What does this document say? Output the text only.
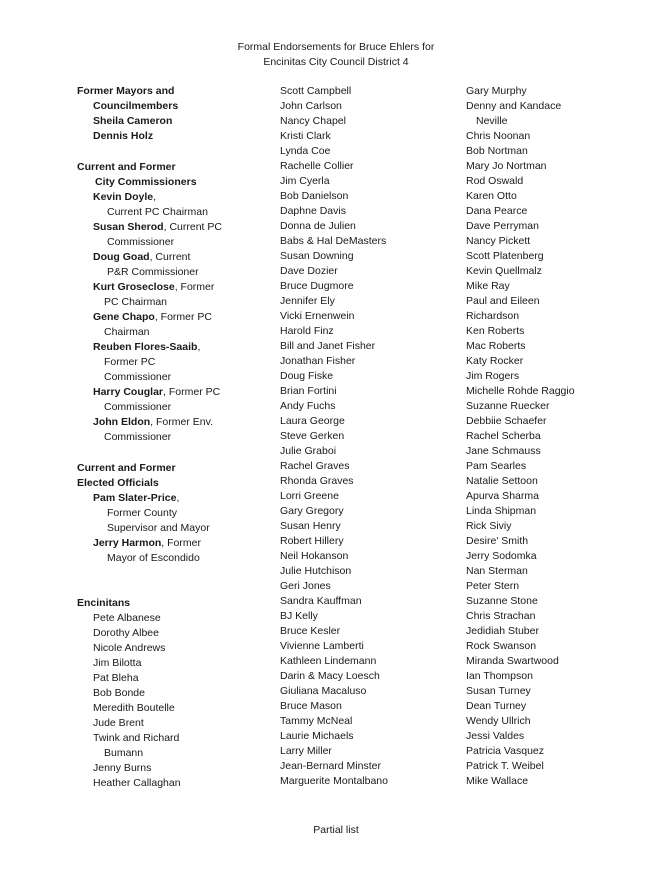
Formal Endorsements for Bruce Ehlers for
Encinitas City Council District 4
Former Mayors and
Councilmembers
Sheila Cameron
Dennis Holz
Current and Former
City Commissioners
Kevin Doyle,
Current PC Chairman
Susan Sherod, Current PC
Commissioner
Doug Goad, Current
P&R Commissioner
Kurt Groseclose, Former
PC Chairman
Gene Chapo, Former PC
Chairman
Reuben Flores-Saaib,
Former PC
Commissioner
Harry Couglar, Former PC
Commissioner
John Eldon, Former Env.
Commissioner
Current and Former
Elected Officials
Pam Slater-Price,
Former County
Supervisor and Mayor
Jerry Harmon, Former
Mayor of Escondido
Encinitans
Pete Albanese
Dorothy Albee
Nicole Andrews
Jim Bilotta
Pat Bleha
Bob Bonde
Meredith Boutelle
Jude Brent
Twink and Richard
Bumann
Jenny Burns
Heather Callaghan
Scott Campbell
John Carlson
Nancy Chapel
Kristi Clark
Lynda Coe
Rachelle Collier
Jim Cyerla
Bob Danielson
Daphne Davis
Donna de Julien
Babs & Hal DeMasters
Susan Downing
Dave Dozier
Bruce Dugmore
Jennifer Ely
Vicki Ernenwein
Harold Finz
Bill and Janet Fisher
Jonathan Fisher
Doug Fiske
Brian Fortini
Andy Fuchs
Laura George
Steve Gerken
Julie Graboi
Rachel Graves
Rhonda Graves
Lorri Greene
Gary Gregory
Susan Henry
Robert Hillery
Neil Hokanson
Julie Hutchison
Geri Jones
Sandra Kauffman
BJ Kelly
Bruce Kesler
Vivienne Lamberti
Kathleen Lindemann
Darin & Macy Loesch
Giuliana Macaluso
Bruce Mason
Tammy McNeal
Laurie Michaels
Larry Miller
Jean-Bernard Minster
Marguerite Montalbano
Gary Murphy
Denny and Kandace
Neville
Chris Noonan
Bob Nortman
Mary Jo Nortman
Rod Oswald
Karen Otto
Dana Pearce
Dave Perryman
Nancy Pickett
Scott Platenberg
Kevin Quellmalz
Mike Ray
Paul and Eileen
Richardson
Ken Roberts
Mac Roberts
Katy Rocker
Jim Rogers
Michelle Rohde Raggio
Suzanne Ruecker
Debbiie Schaefer
Rachel Scherba
Jane Schmauss
Pam Searles
Natalie Settoon
Apurva Sharma
Linda Shipman
Rick Siviy
Desire' Smith
Jerry Sodomka
Nan Sterman
Peter Stern
Suzanne Stone
Chris Strachan
Jedidiah Stuber
Rock Swanson
Miranda Swartwood
Ian Thompson
Susan Turney
Dean Turney
Wendy Ullrich
Jessi Valdes
Patricia Vasquez
Patrick T. Weibel
Mike Wallace
Partial list
